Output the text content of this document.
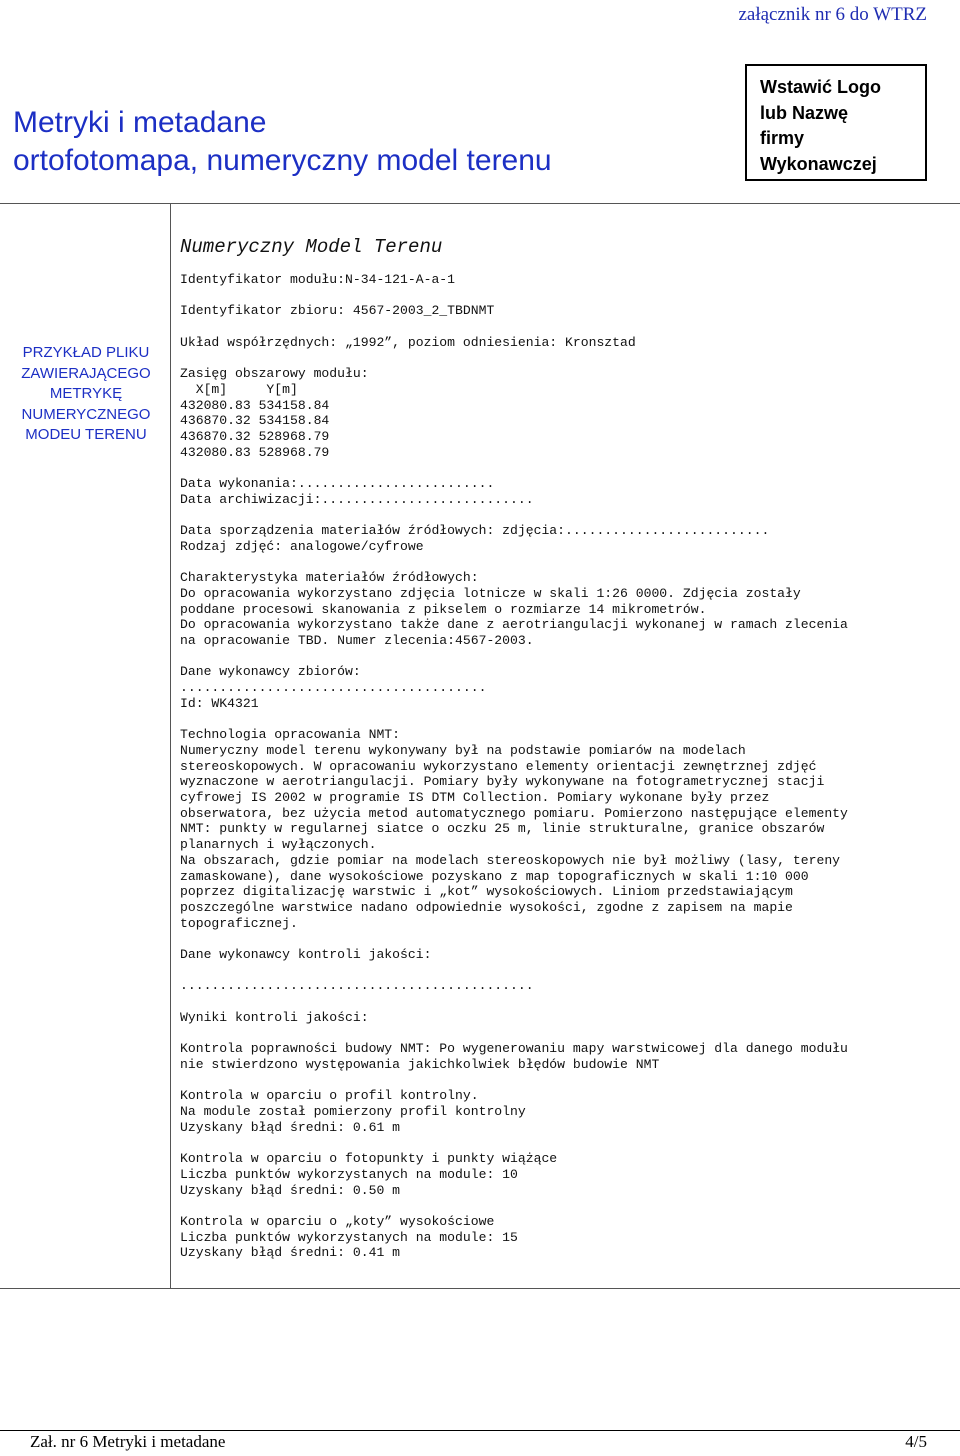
załącznik nr 6 do WTRZ
Metryki i metadane
ortofotomapa, numeryczny model terenu
Wstawić Logo
lub Nazwę
firmy
Wykonawczej
PRZYKŁAD PLIKU
ZAWIERAJĄCEGO
METRYKĘ
NUMERYCZNEGO
MODEU TERENU
Numeryczny Model Terenu
Identyfikator modułu:N-34-121-A-a-1
Identyfikator zbioru: 4567-2003_2_TBDNMT
Układ współrzędnych: „1992”, poziom odniesienia: Kronsztad
Zasięg obszarowy modułu:
X[m]     Y[m]
432080.83 534158.84
436870.32 534158.84
436870.32 528968.79
432080.83 528968.79
Data wykonania:.........................
Data archiwizacji:...........................
Data sporządzenia materiałów źródłowych: zdjęcia:..........................
Rodzaj zdjęć: analogowe/cyfrowe
Charakterystyka materiałów źródłowych:
Do opracowania wykorzystano zdjęcia lotnicze w skali 1:26 0000. Zdjęcia zostały
poddane procesowi skanowania z pikselem o rozmiarze 14 mikrometrów.
Do opracowania wykorzystano także dane z aerotriangulacji wykonanej w ramach zlecenia
na opracowanie TBD. Numer zlecenia:4567-2003.
Dane wykonawcy zbiorów:
.......................................
Id: WK4321
Technologia opracowania NMT:
Numeryczny model terenu wykonywany był na podstawie pomiarów na modelach
stereoskopowych. W opracowaniu wykorzystano elementy orientacji zewnętrznej zdjęć
wyznaczone w aerotriangulacji. Pomiary były wykonywane na fotogrametrycznej stacji
cyfrowej IS 2002 w programie IS DTM Collection. Pomiary wykonane były przez
obserwatora, bez użycia metod automatycznego pomiaru. Pomierzono następujące elementy
NMT: punkty w regularnej siatce o oczku 25 m, linie strukturalne, granice obszarów
planarnych i wyłączonych.
Na obszarach, gdzie pomiar na modelach stereoskopowych nie był możliwy (lasy, tereny
zamaskowane), dane wysokościowe pozyskano z map topograficznych w skali 1:10 000
poprzez digitalizację warstwic i „kot” wysokościowych. Liniom przedstawiającym
poszczególne warstwice nadano odpowiednie wysokości, zgodne z zapisem na mapie
topograficznej.
Dane wykonawcy kontroli jakości:
.............................................
Wyniki kontroli jakości:
Kontrola poprawności budowy NMT: Po wygenerowaniu mapy warstwicowej dla danego modułu
nie stwierdzono występowania jakichkolwiek błędów budowie NMT
Kontrola w oparciu o profil kontrolny.
Na module został pomierzony profil kontrolny
Uzyskany błąd średni: 0.61 m
Kontrola w oparciu o fotopunkty i punkty wiążące
Liczba punktów wykorzystanych na module: 10
Uzyskany błąd średni: 0.50 m
Kontrola w oparciu o „koty” wysokościowe
Liczba punktów wykorzystanych na module: 15
Uzyskany błąd średni: 0.41 m
Zał. nr 6 Metryki i metadane	4/5
